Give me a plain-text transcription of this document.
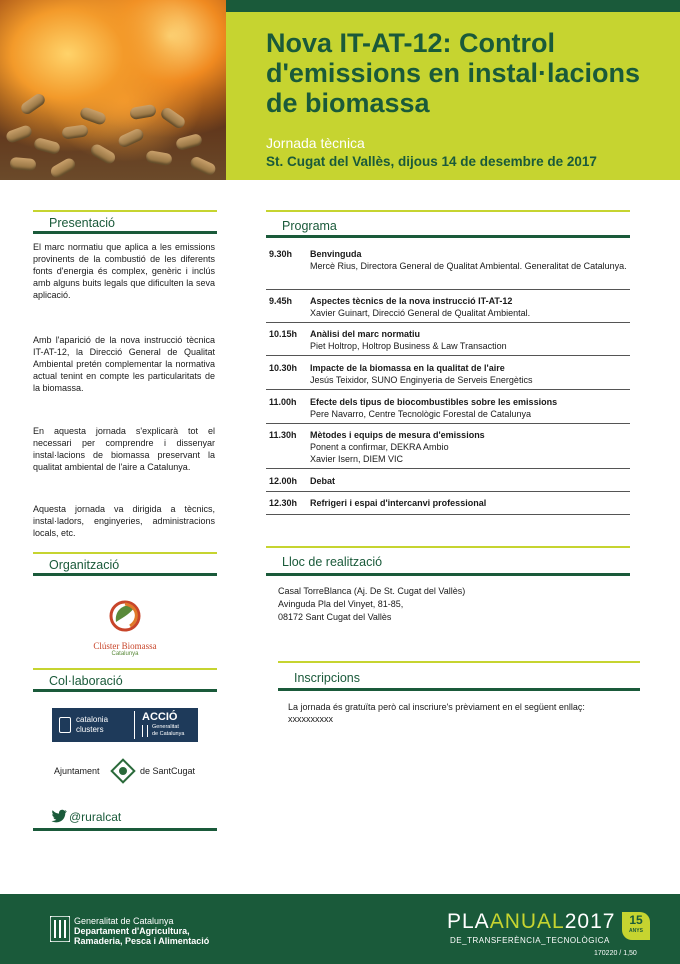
Nova IT-AT-12: Control d'emissions en instal·lacions de biomassa
Jornada tècnica
St. Cugat del Vallès, dijous 14 de desembre de 2017
Presentació
El marc normatiu que aplica a les emissions provinents de la combustió de les diferents fonts d'energia és complex, genèric i inclús amb alguns buits legals que dificulten la seva aplicació.
Amb l'aparició de la nova instrucció tècnica IT-AT-12, la Direcció General de Qualitat Ambiental pretén complementar la normativa actual tenint en compte les particularitats de la biomassa.
En aquesta jornada s'explicarà tot el necessari per comprendre i dissenyar instal·lacions de biomassa preservant la qualitat ambiental de l'aire a Catalunya.
Aquesta jornada va dirigida a tècnics, instal·ladors, enginyeries, administracions locals, etc.
Organització
Clúster Biomassa
Catalunya
Col·laboració
catalonia
clusters
ACCIÓ
Generalitat
de Catalunya
Ajuntament	de SantCugat
@ruralcat
Programa
9.30h Benvinguda
Mercè Rius, Directora General de Qualitat Ambiental. Generalitat de Catalunya.
9.45h Aspectes tècnics de la nova instrucció IT-AT-12
Xavier Guinart, Direcció General de Qualitat Ambiental.
10.15h Anàlisi del marc normatiu
Piet Holtrop, Holtrop Business & Law Transaction
10.30h Impacte de la biomassa en la qualitat de l'aire
Jesús Teixidor, SUNO Enginyeria de Serveis Energètics
11.00h Efecte dels tipus de biocombustibles sobre les emissions
Pere Navarro, Centre Tecnològic Forestal de Catalunya
11.30h Mètodes i equips de mesura d'emissions
Ponent a confirmar, DEKRA Ambio
Xavier Isern, DIEM VIC
12.00h Debat
12.30h Refrigeri i espai d'intercanvi professional
Lloc de realització
Casal TorreBlanca (Aj. De St. Cugat del Vallès)
Avinguda Pla del Vinyet, 81-85,
08172 Sant Cugat del Vallès
Inscripcions
La jornada és gratuïta però cal inscriure's prèviament en el següent enllaç:
xxxxxxxxxx
Generalitat de Catalunya
Departament d'Agricultura,
Ramaderia, Pesca i Alimentació
PLAANUAL2017
DE_TRANSFERÈNCIA_TECNOLÒGICA
15
ANYS
170220 / 1,50
